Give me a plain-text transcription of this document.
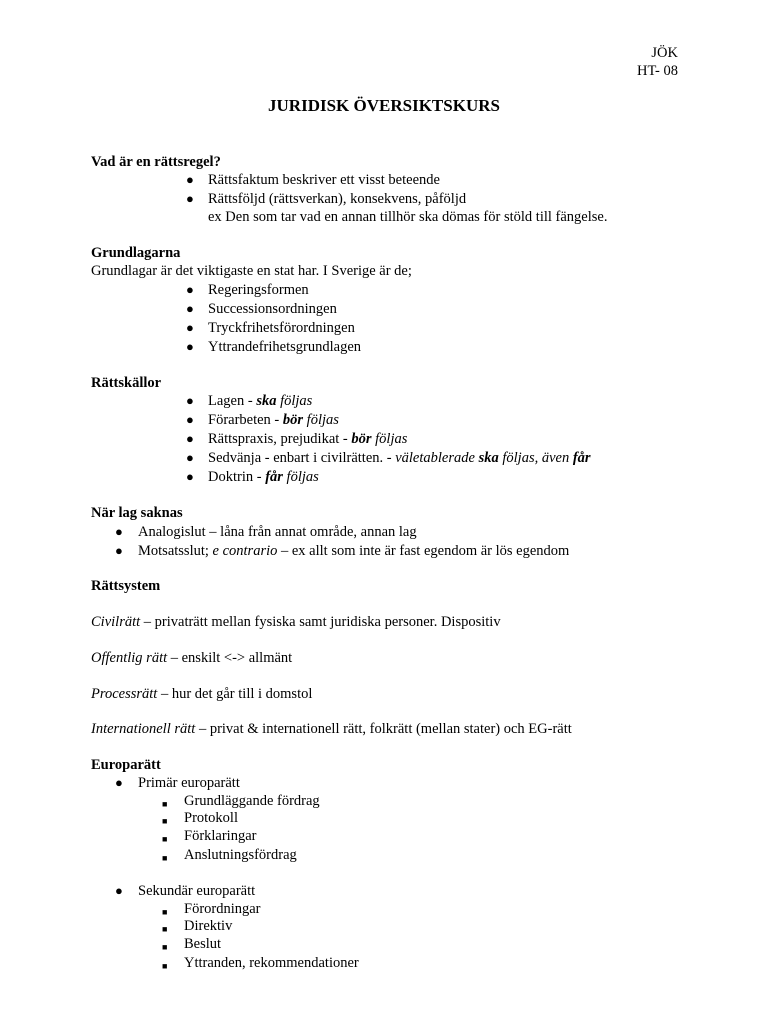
JÖK
HT- 08
JURIDISK ÖVERSIKTSKURS
Vad är en rättsregel?
● Rättsfaktum beskriver ett visst beteende
● Rättsföljd (rättsverkan), konsekvens, påföljd
ex Den som tar vad en annan tillhör ska dömas för stöld till fängelse.
Grundlagarna
Grundlagar är det viktigaste en stat har. I Sverige är de;
● Regeringsformen
● Successionsordningen
● Tryckfrihetsförordningen
● Yttrandefrihetsgrundlagen
Rättskällor
● Lagen - ska följas
● Förarbeten - bör följas
● Rättspraxis, prejudikat - bör följas
● Sedvänja - enbart i civilrätten. - väletablerade ska följas, även får
● Doktrin - får följas
När lag saknas
● Analogislut – låna från annat område, annan lag
● Motsatsslut; e contrario – ex allt som inte är fast egendom är lös egendom
Rättsystem
Civilrätt – privaträtt mellan fysiska samt juridiska personer. Dispositiv
Offentlig rätt – enskilt <-> allmänt
Processrätt – hur det går till i domstol
Internationell rätt – privat & internationell rätt, folkrätt (mellan stater) och EG-rätt
Europarätt
● Primär europarätt
■ Grundläggande fördrag
■ Protokoll
■ Förklaringar
■ Anslutningsfördrag
● Sekundär europarätt
■ Förordningar
■ Direktiv
■ Beslut
■ Yttranden, rekommendationer
